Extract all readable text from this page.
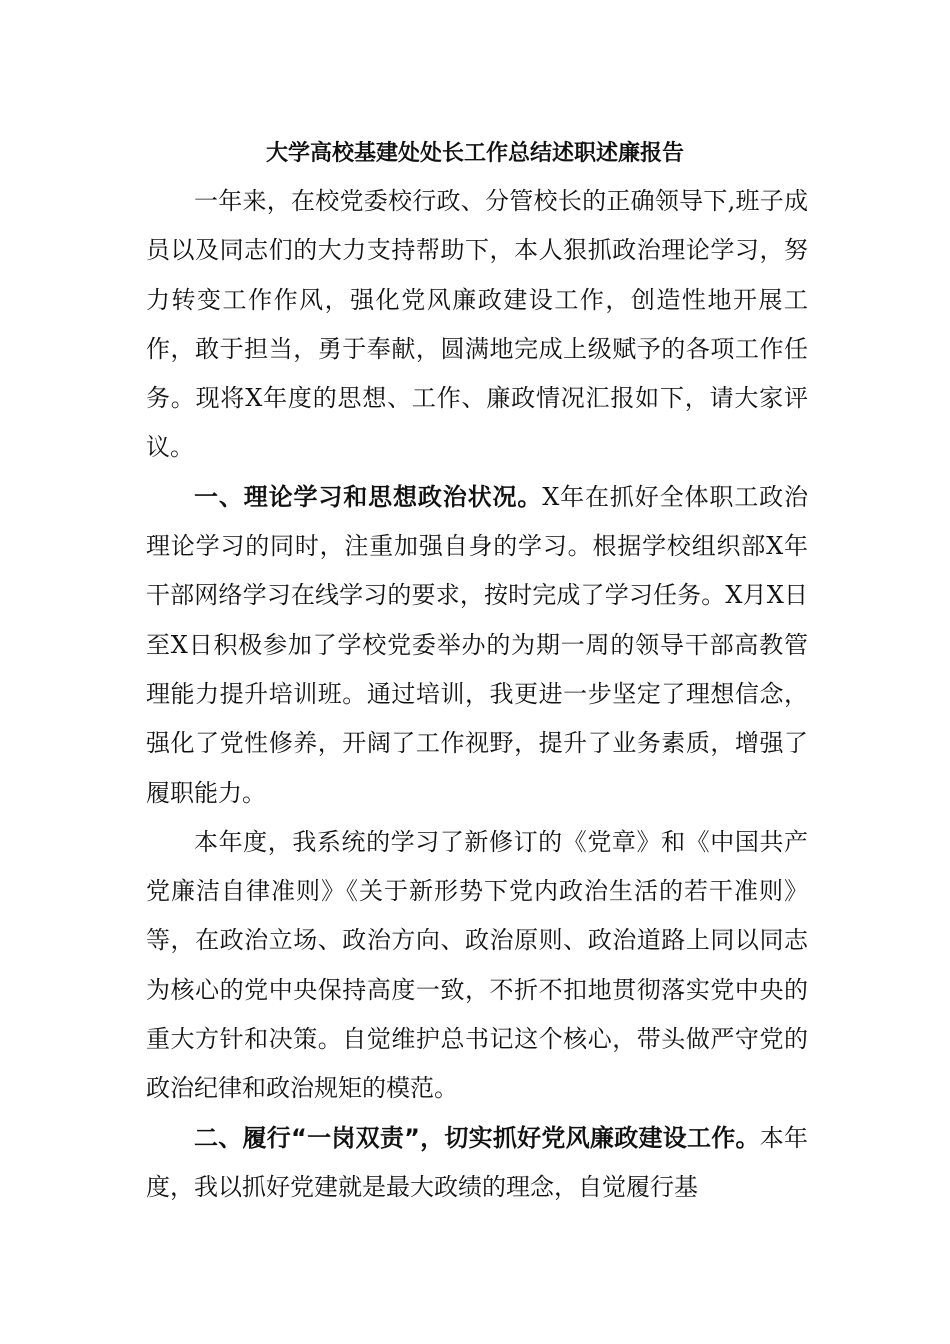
大学高校基建处处长工作总结述职述廉报告

一年来，在校党委校行政、分管校长的正确领导下,班子成员以及同志们的大力支持帮助下，本人狠抓政治理论学习，努力转变工作作风，强化党风廉政建设工作，创造性地开展工作，敢于担当，勇于奉献，圆满地完成上级赋予的各项工作任务。现将X年度的思想、工作、廉政情况汇报如下，请大家评议。

一、理论学习和思想政治状况。X年在抓好全体职工政治理论学习的同时，注重加强自身的学习。根据学校组织部X年干部网络学习在线学习的要求，按时完成了学习任务。X月X日至X日积极参加了学校党委举办的为期一周的领导干部高教管理能力提升培训班。通过培训，我更进一步坚定了理想信念，强化了党性修养，开阔了工作视野，提升了业务素质，增强了履职能力。

本年度，我系统的学习了新修订的《党章》和《中国共产党廉洁自律准则》《关于新形势下党内政治生活的若干准则》等，在政治立场、政治方向、政治原则、政治道路上同以同志为核心的党中央保持高度一致，不折不扣地贯彻落实党中央的重大方针和决策。自觉维护总书记这个核心，带头做严守党的政治纪律和政治规矩的模范。

二、履行“一岗双责”，切实抓好党风廉政建设工作。本年度，我以抓好党建就是最大政绩的理念，自觉履行基
